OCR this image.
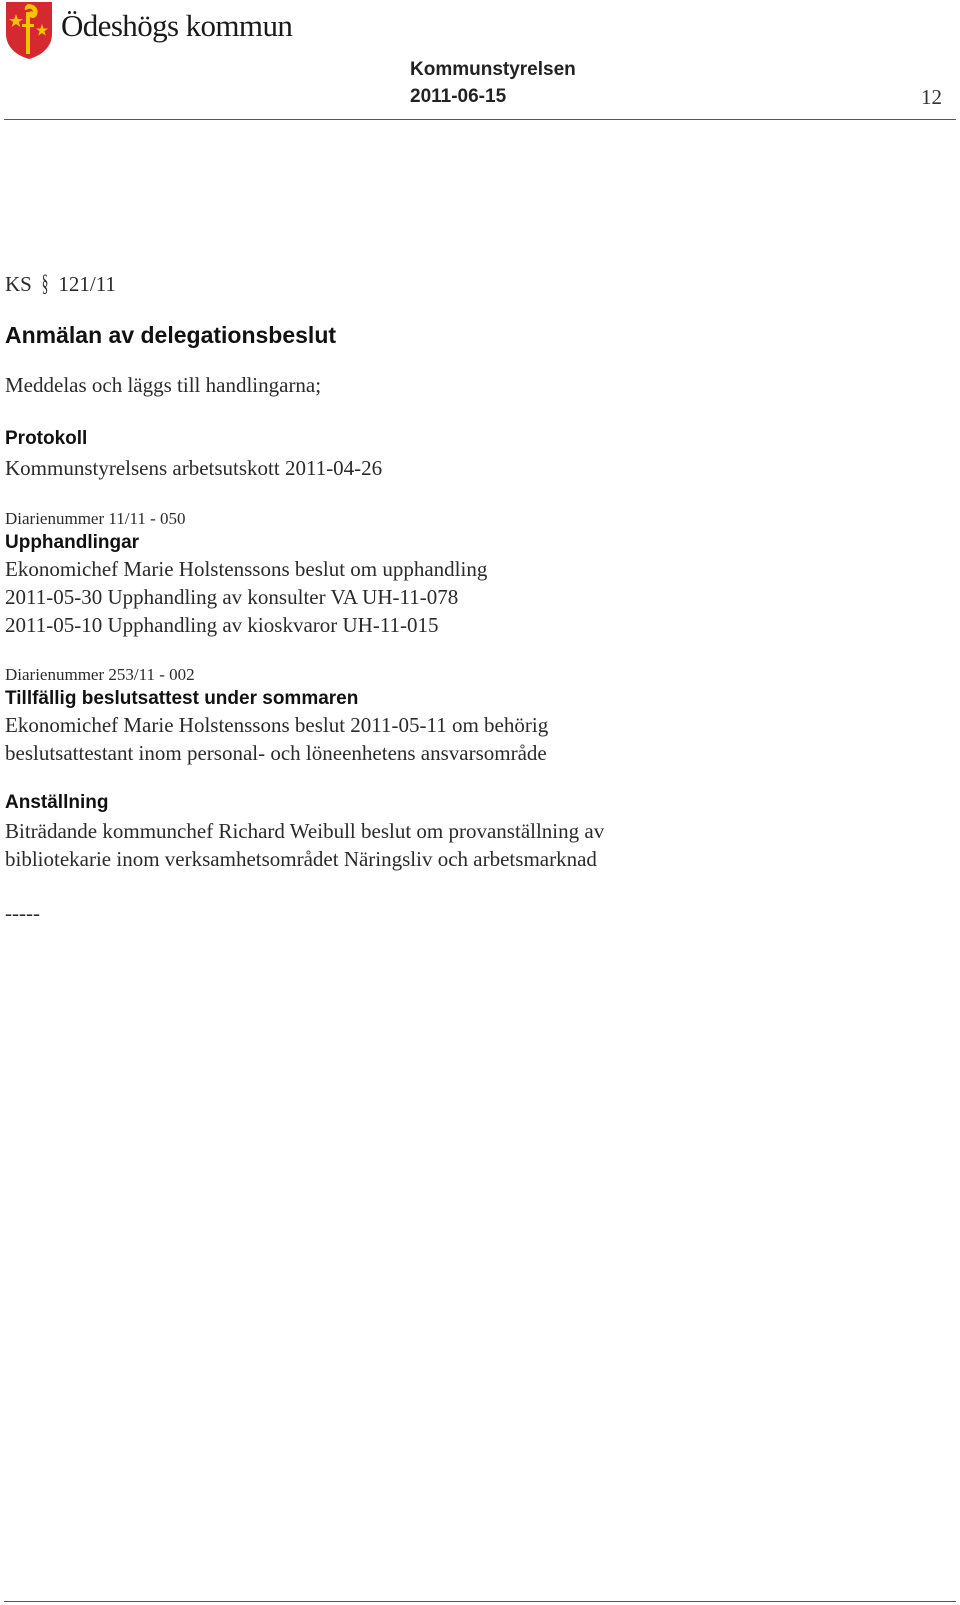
Ödeshögs kommun
Kommunstyrelsen
2011-06-15	12

KS § 121/11

Anmälan av delegationsbeslut

Meddelas och läggs till handlingarna;

Protokoll

Kommunstyrelsens arbetsutskott 2011-04-26

Diarienummer 11/11 - 050

Upphandlingar

Ekonomichef Marie Holstenssons beslut om upphandling

2011-05-30 Upphandling av konsulter VA UH-11-078

2011-05-10 Upphandling av kioskvaror UH-11-015

Diarienummer 253/11 - 002

Tillfällig beslutsattest under sommaren

Ekonomichef Marie Holstenssons beslut 2011-05-11 om behörig

beslutsattestant inom personal- och löneenhetens ansvarsområde

Anställning

Biträdande kommunchef Richard Weibull beslut om provanställning av

bibliotekarie inom verksamhetsområdet Näringsliv och arbetsmarknad

-----
